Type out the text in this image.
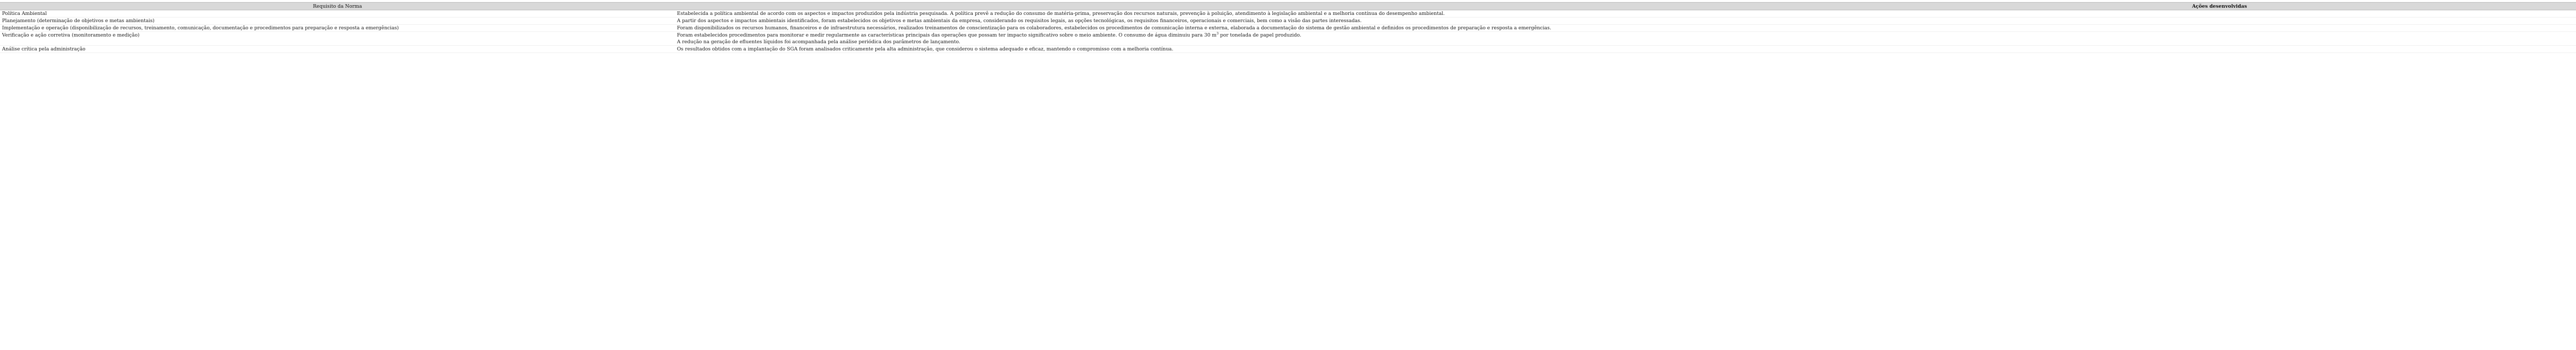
Requisito da Norma	Ações desenvolvidas
Política Ambiental	Estabelecida a política ambiental de acordo com os aspectos e impactos produzidos pela indústria pesquisada. A política prevê a redução do consumo de matéria-prima, preservação dos recursos naturais, prevenção à poluição, atendimento à legislação ambiental e a melhoria contínua do desempenho ambiental.

Planejamento (determinação de objetivos e metas ambientais)	A partir dos aspectos e impactos ambientais identificados, foram estabelecidos os objetivos e metas ambientais da empresa, considerando os requisitos legais, as opções tecnológicas, os requisitos financeiros, operacionais e comerciais, bem como a visão das partes interessadas.

Implementação e operação (disponibilização de recursos, treinamento, comunicação, documentação e procedimentos para preparação e resposta a emergências)	Foram disponibilizados os recursos humanos, financeiros e de infraestrutura necessários, realizados treinamentos de conscientização para os colaboradores, estabelecidos os procedimentos de comunicação interna e externa, elaborada a documentação do sistema de gestão ambiental e definidos os procedimentos de preparação e resposta a emergências.

Verificação e ação corretiva (monitoramento e medição)	Foram estabelecidos procedimentos para monitorar e medir regularmente as características principais das operações que possam ter impacto significativo sobre o meio ambiente. O consumo de água diminuiu para 30 $m^3$ por tonelada de papel produzido.
A redução na geração de efluentes líquidos foi acompanhada pela análise periódica dos parâmetros de lançamento.

Análise crítica pela administração	Os resultados obtidos com a implantação do SGA foram analisados criticamente pela alta administração, que considerou o sistema adequado e eficaz, mantendo o compromisso com a melhoria contínua.
